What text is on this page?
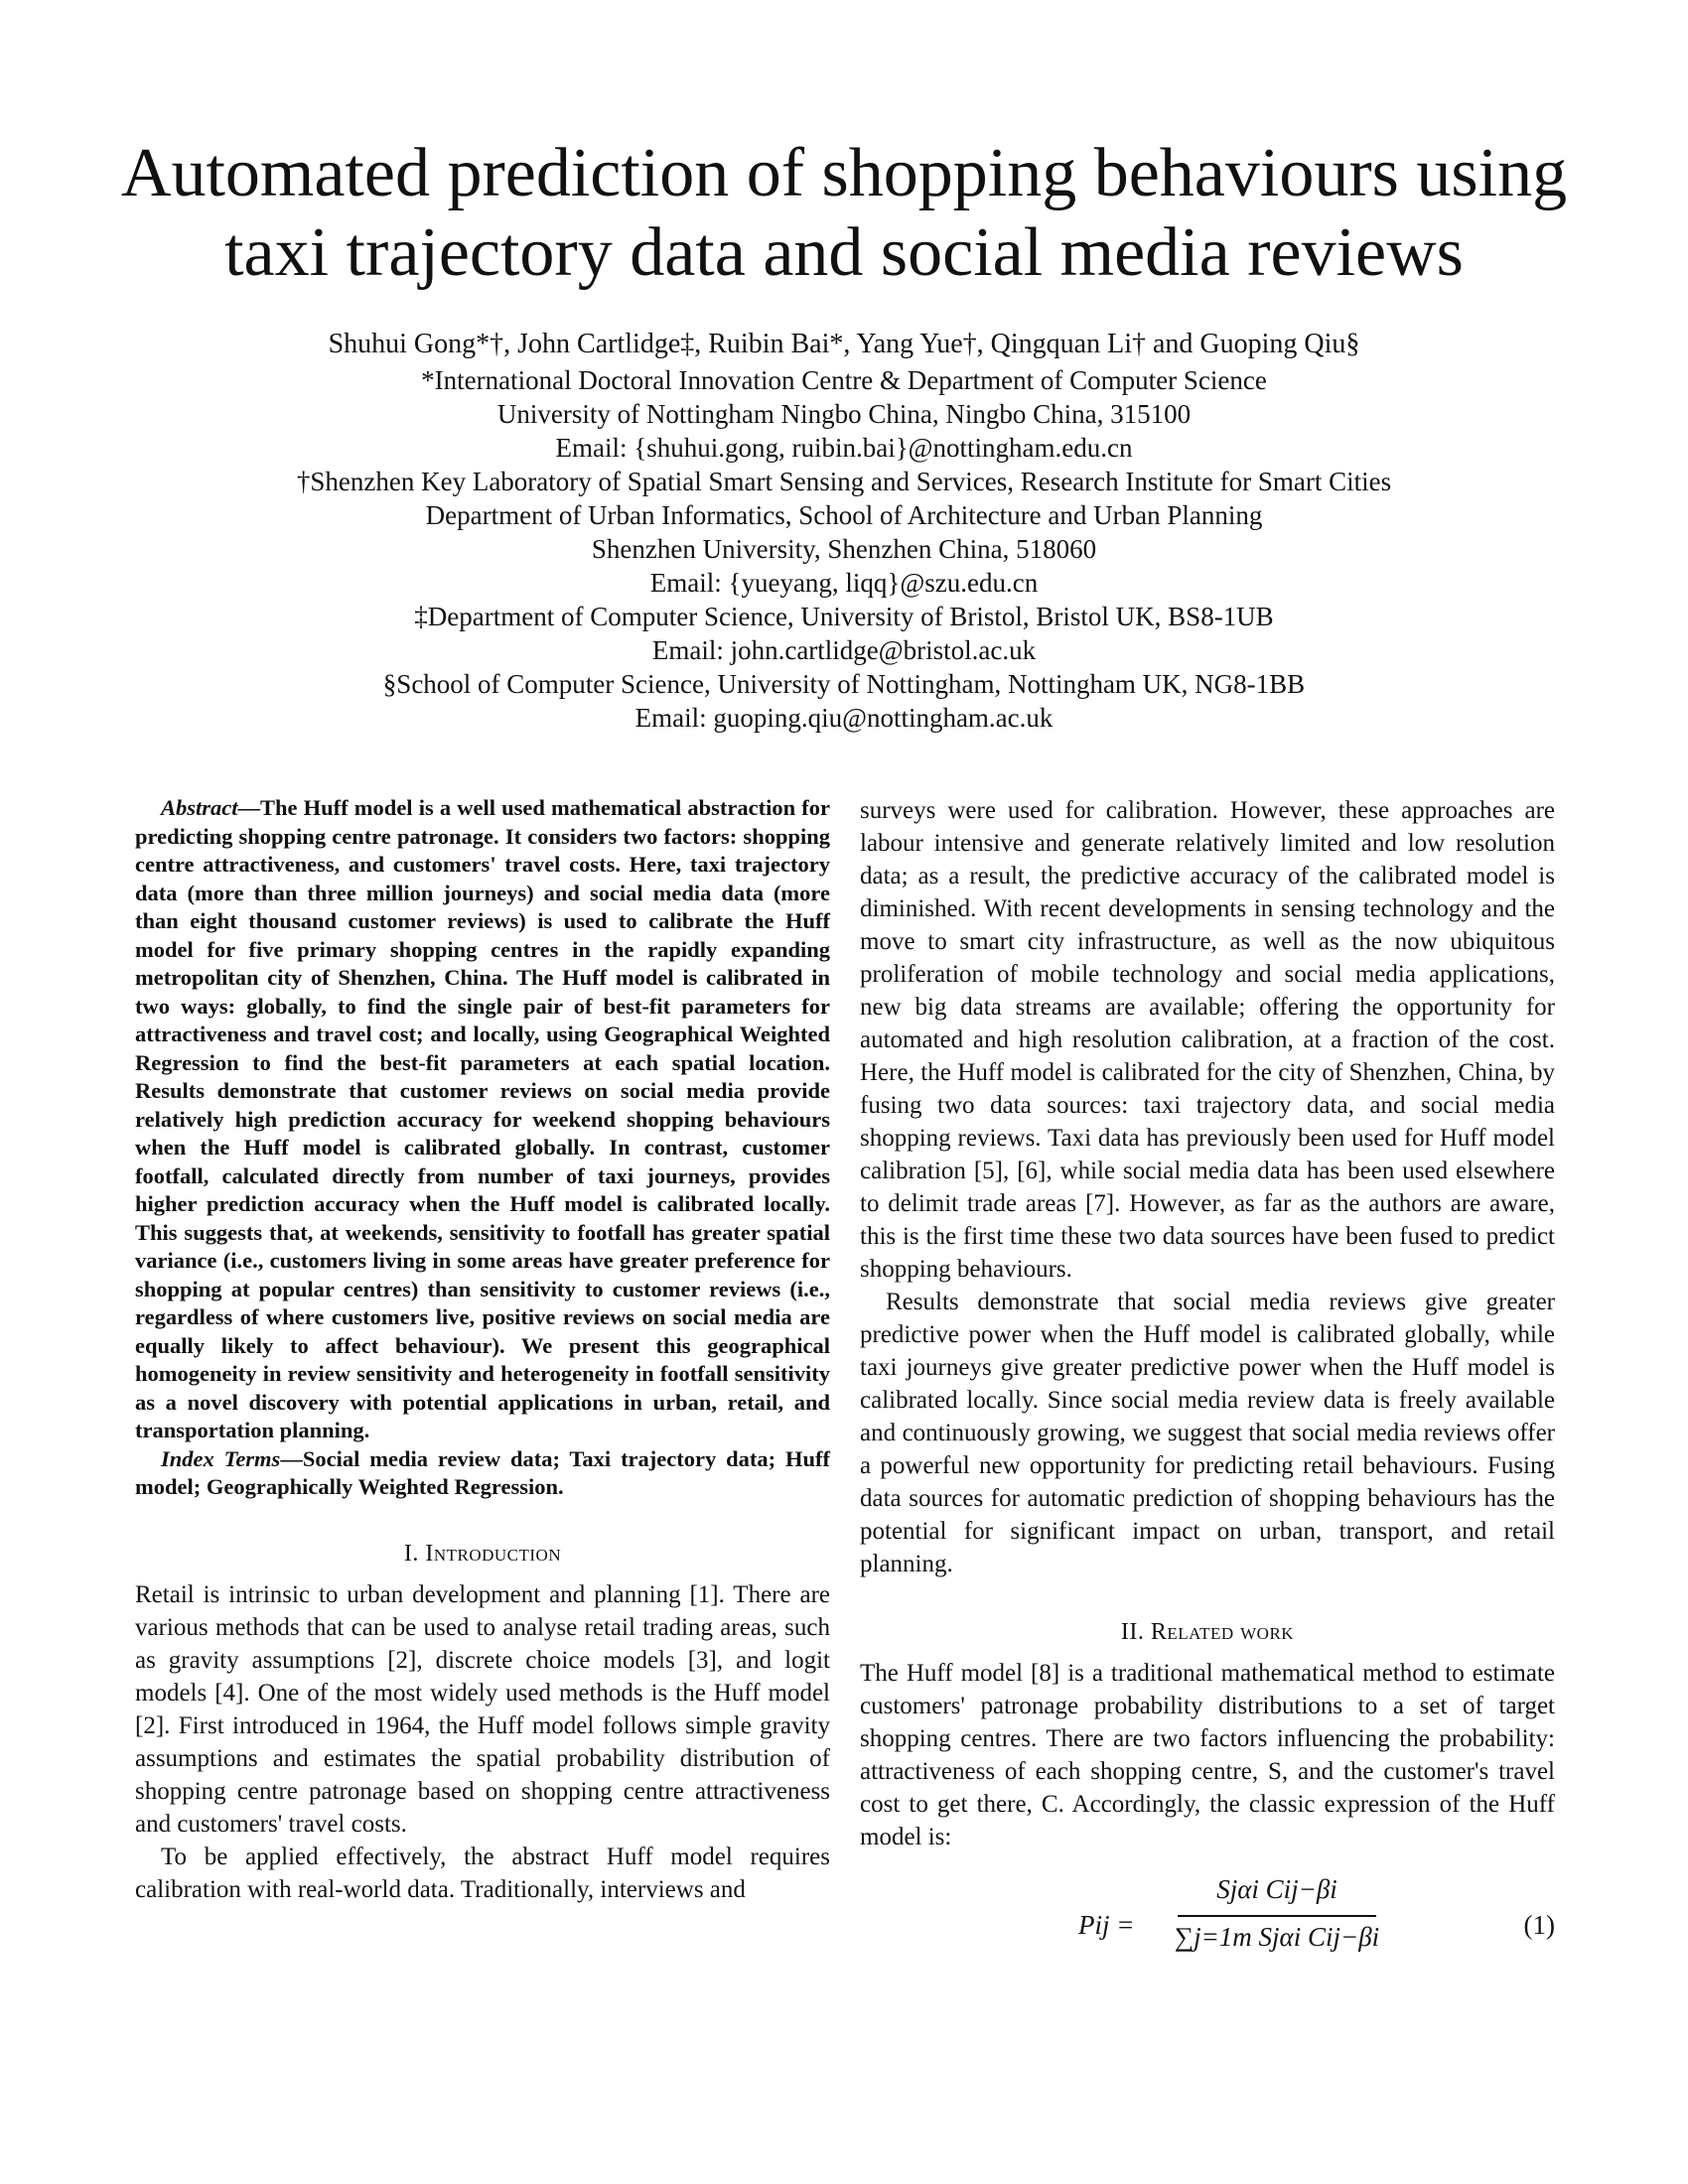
Automated prediction of shopping behaviours using
taxi trajectory data and social media reviews
Shuhui Gong*†, John Cartlidge‡, Ruibin Bai*, Yang Yue†, Qingquan Li† and Guoping Qiu§
*International Doctoral Innovation Centre & Department of Computer Science
University of Nottingham Ningbo China, Ningbo China, 315100
Email: {shuhui.gong, ruibin.bai}@nottingham.edu.cn
†Shenzhen Key Laboratory of Spatial Smart Sensing and Services, Research Institute for Smart Cities
Department of Urban Informatics, School of Architecture and Urban Planning
Shenzhen University, Shenzhen China, 518060
Email: {yueyang, liqq}@szu.edu.cn
‡Department of Computer Science, University of Bristol, Bristol UK, BS8-1UB
Email: john.cartlidge@bristol.ac.uk
§School of Computer Science, University of Nottingham, Nottingham UK, NG8-1BB
Email: guoping.qiu@nottingham.ac.uk

Abstract—The Huff model is a well used mathematical abstraction for predicting shopping centre patronage. It considers two factors: shopping centre attractiveness, and customers' travel costs. Here, taxi trajectory data (more than three million journeys) and social media data (more than eight thousand customer reviews) is used to calibrate the Huff model for five primary shopping centres in the rapidly expanding metropolitan city of Shenzhen, China. The Huff model is calibrated in two ways: globally, to find the single pair of best-fit parameters for attractiveness and travel cost; and locally, using Geographical Weighted Regression to find the best-fit parameters at each spatial location. Results demonstrate that customer reviews on social media provide relatively high prediction accuracy for weekend shopping behaviours when the Huff model is calibrated globally. In contrast, customer footfall, calculated directly from number of taxi journeys, provides higher prediction accuracy when the Huff model is calibrated locally. This suggests that, at weekends, sensitivity to footfall has greater spatial variance (i.e., customers living in some areas have greater preference for shopping at popular centres) than sensitivity to customer reviews (i.e., regardless of where customers live, positive reviews on social media are equally likely to affect behaviour). We present this geographical homogeneity in review sensitivity and heterogeneity in footfall sensitivity as a novel discovery with potential applications in urban, retail, and transportation planning.

Index Terms—Social media review data; Taxi trajectory data; Huff model; Geographically Weighted Regression.

I. Introduction

Retail is intrinsic to urban development and planning [1]. There are various methods that can be used to analyse retail trading areas, such as gravity assumptions [2], discrete choice models [3], and logit models [4]. One of the most widely used methods is the Huff model [2]. First introduced in 1964, the Huff model follows simple gravity assumptions and estimates the spatial probability distribution of shopping centre patronage based on shopping centre attractiveness and customers' travel costs.

To be applied effectively, the abstract Huff model requires calibration with real-world data. Traditionally, interviews and

surveys were used for calibration. However, these approaches are labour intensive and generate relatively limited and low resolution data; as a result, the predictive accuracy of the calibrated model is diminished. With recent developments in sensing technology and the move to smart city infrastructure, as well as the now ubiquitous proliferation of mobile technology and social media applications, new big data streams are available; offering the opportunity for automated and high resolution calibration, at a fraction of the cost. Here, the Huff model is calibrated for the city of Shenzhen, China, by fusing two data sources: taxi trajectory data, and social media shopping reviews. Taxi data has previously been used for Huff model calibration [5], [6], while social media data has been used elsewhere to delimit trade areas [7]. However, as far as the authors are aware, this is the first time these two data sources have been fused to predict shopping behaviours.

Results demonstrate that social media reviews give greater predictive power when the Huff model is calibrated globally, while taxi journeys give greater predictive power when the Huff model is calibrated locally. Since social media review data is freely available and continuously growing, we suggest that social media reviews offer a powerful new opportunity for predicting retail behaviours. Fusing data sources for automatic prediction of shopping behaviours has the potential for significant impact on urban, transport, and retail planning.

II. Related work

The Huff model [8] is a traditional mathematical method to estimate customers' patronage probability distributions to a set of target shopping centres. There are two factors influencing the probability: attractiveness of each shopping centre, S, and the customer's travel cost to get there, C. Accordingly, the classic expression of the Huff model is:

Pij =
Sjαi Cij−βi
∑j=1m Sjαi Cij−βi	(1)
